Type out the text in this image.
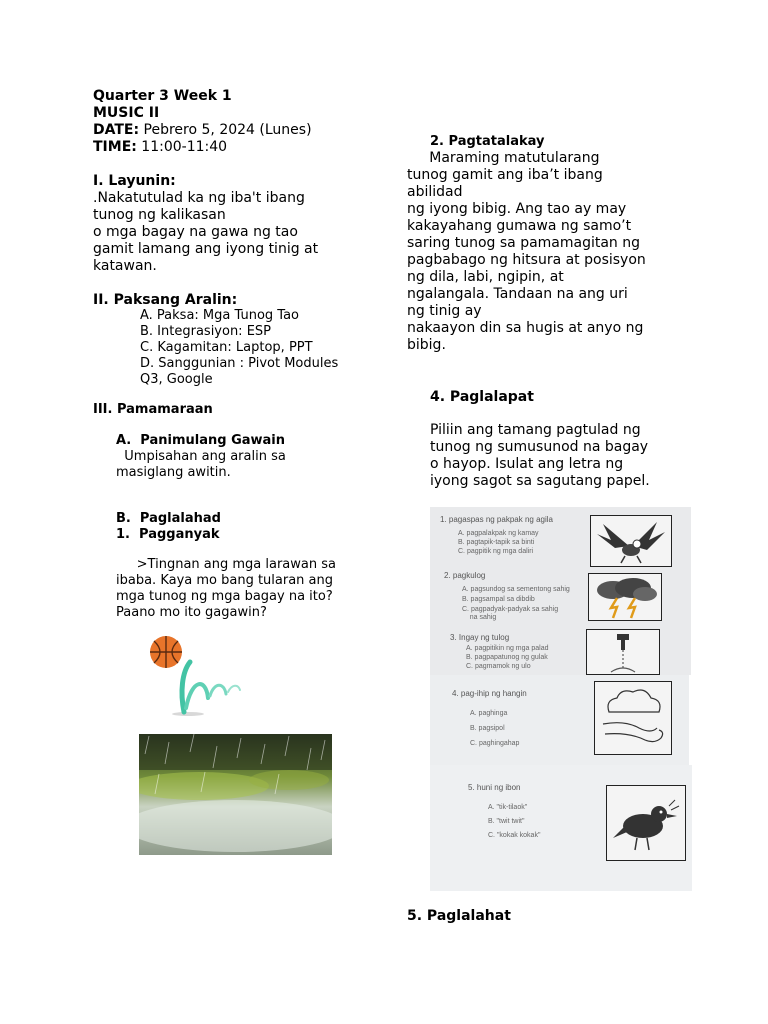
Quarter 3 Week 1
MUSIC II
DATE: Pebrero 5, 2024 (Lunes)
TIME: 11:00-11:40
I. Layunin:
.Nakatutulad ka ng iba't ibang
tunog ng kalikasan
o mga bagay na gawa ng tao
gamit lamang ang iyong tinig at
katawan.
II. Paksang Aralin:
A. Paksa: Mga Tunog Tao
B. Integrasiyon: ESP
C. Kagamitan: Laptop, PPT
D. Sanggunian : Pivot Modules
Q3, Google
III. Pamamaraan
A.  Panimulang Gawain
Umpisahan ang aralin sa
masiglang awitin.
B.  Paglalahad
1.  Pagganyak
>Tingnan ang mga larawan sa
ibaba. Kaya mo bang tularan ang
mga tunog ng mga bagay na ito?
Paano mo ito gagawin?
2. Pagtatalakay
Maraming matutularang
tunog gamit ang iba’t ibang
abilidad
ng iyong bibig. Ang tao ay may
kakayahang gumawa ng samo’t
saring tunog sa pamamagitan ng
pagbabago ng hitsura at posisyon
ng dila, labi, ngipin, at
ngalangala. Tandaan na ang uri
ng tinig ay
nakaayon din sa hugis at anyo ng
bibig.
4. Paglalapat
Piliin ang tamang pagtulad ng
tunog ng sumusunod na bagay
o hayop. Isulat ang letra ng
iyong sagot sa sagutang papel.
1. pagaspas ng pakpak ng agila
A. pagpalakpak ng kamay
B. pagtapik-tapik sa binti
C. pagpitik ng mga daliri
2. pagkulog
A. pagsundog sa sementong sahig
B. pagsampal sa dibdib
C. pagpadyak-padyak sa sahig
na sahig
3. Ingay ng tulog
A. pagpitikin ng mga palad
B. pagpapatunog ng gulak
C. pagmamok ng ulo
4. pag-ihip ng hangin
A. paghinga
B. pagsipol
C. paghingahap
5. huni ng ibon
A. "tik-tilaok"
B. "twit twit"
C. "kokak kokak"
5. Paglalahat
